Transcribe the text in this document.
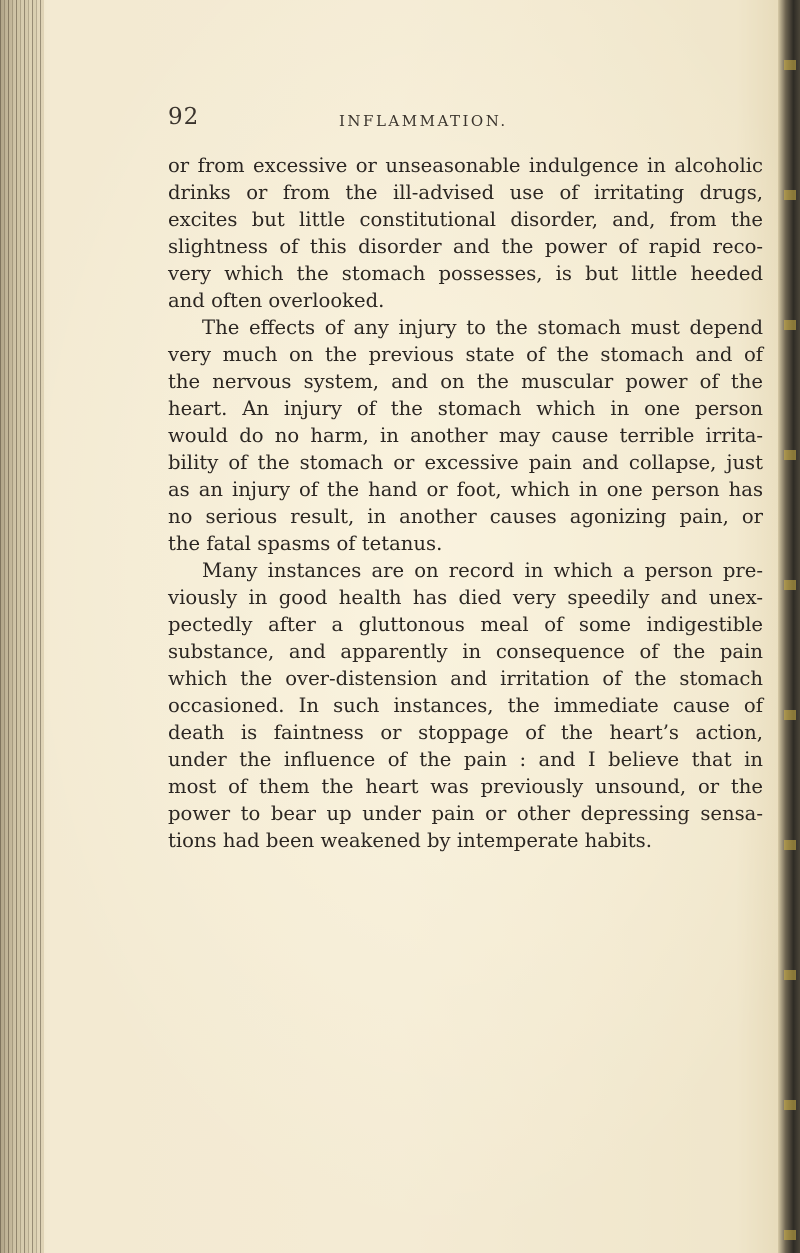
92	INFLAMMATION.
or from excessive or unseasonable indulgence in alcoholic
drinks or from the ill-advised use of irritating drugs,
excites but little constitutional disorder, and, from the
slightness of this disorder and the power of rapid reco-
very which the stomach possesses, is but little heeded
and often overlooked.
The effects of any injury to the stomach must depend
very much on the previous state of the stomach and of
the nervous system, and on the muscular power of the
heart. An injury of the stomach which in one person
would do no harm, in another may cause terrible irrita-
bility of the stomach or excessive pain and collapse, just
as an injury of the hand or foot, which in one person has
no serious result, in another causes agonizing pain, or
the fatal spasms of tetanus.
Many instances are on record in which a person pre-
viously in good health has died very speedily and unex-
pectedly after a gluttonous meal of some indigestible
substance, and apparently in consequence of the pain
which the over-distension and irritation of the stomach
occasioned. In such instances, the immediate cause of
death is faintness or stoppage of the heart’s action,
under the influence of the pain : and I believe that in
most of them the heart was previously unsound, or the
power to bear up under pain or other depressing sensa-
tions had been weakened by intemperate habits.
